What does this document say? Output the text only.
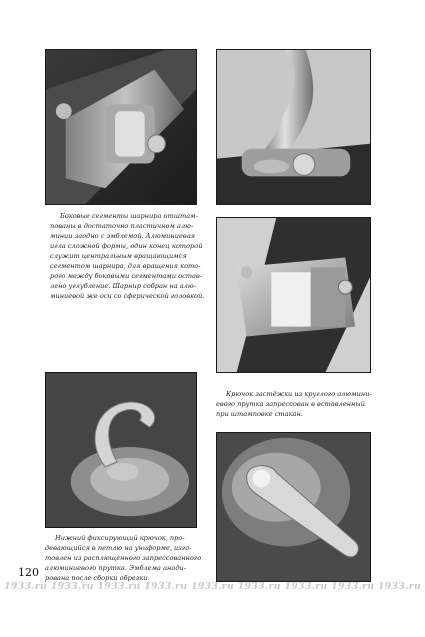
Боковые сегменты шарнира отштам-
пованы в достаточно пластичном алю-
минии заодно с эмблемой. Алюминиевая
игла сложной формы, один конец которой
служит центральным вращающимся
сегментом шарнира, для вращения кото-
рого между боковыми сегментами остав-
лено углубление. Шарнир собран на алю-
миниевой же оси со сферической головкой.

Крючок застёжки из круглого алюмини-
евого прутка запрессован в вставленный
при штамповке стакан.

Нижний фиксирующий крючок, про-
девающийся в петлю на униформе, изго-
товлен из расплющенного запрессованного
алюминиевого прутка. Эмблема аноди-
рована после сборки обрезки.

120
1933.ru 1933.ru 1933.ru 1933.ru 1933.ru 1933.ru 1933.ru 1933.ru 1933.ru
